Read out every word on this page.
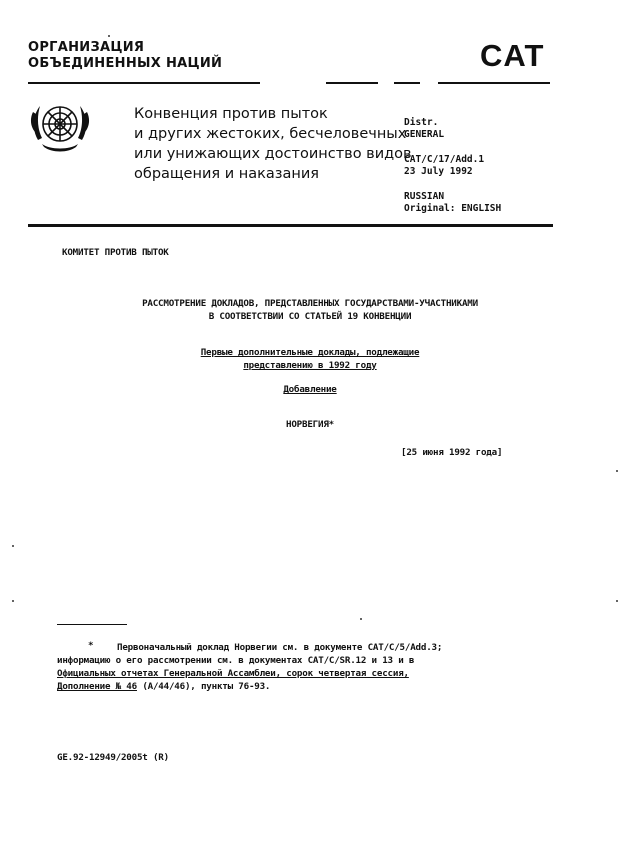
ОРГАНИЗАЦИЯ
ОБЪЕДИНЕННЫХ НАЦИЙ	CAT
Конвенция против пыток
и других жестоких, бесчеловечных
или унижающих достоинство видов
обращения и наказания
Distr.
GENERAL
CAT/C/17/Add.1
23 July 1992
RUSSIAN
Original: ENGLISH
КОМИТЕТ ПРОТИВ ПЫТОК
РАССМОТРЕНИЕ ДОКЛАДОВ, ПРЕДСТАВЛЕННЫХ ГОСУДАРСТВАМИ-УЧАСТНИКАМИ
В СООТВЕТСТВИИ СО СТАТЬЕЙ 19 КОНВЕНЦИИ
Первые дополнительные доклады, подлежащие
представлению в 1992 году
Добавление
НОРВЕГИЯ*
[25 июня 1992 года]
*	Первоначальный доклад Норвегии см. в документе CAT/C/5/Add.3;
информацию о его рассмотрении см. в документах CAT/C/SR.12 и 13 и в
Официальных отчетах Генеральной Ассамблеи, сорок четвертая сессия,
Дополнение № 46 (A/44/46), пункты 76-93.
GE.92-12949/2005t (R)
